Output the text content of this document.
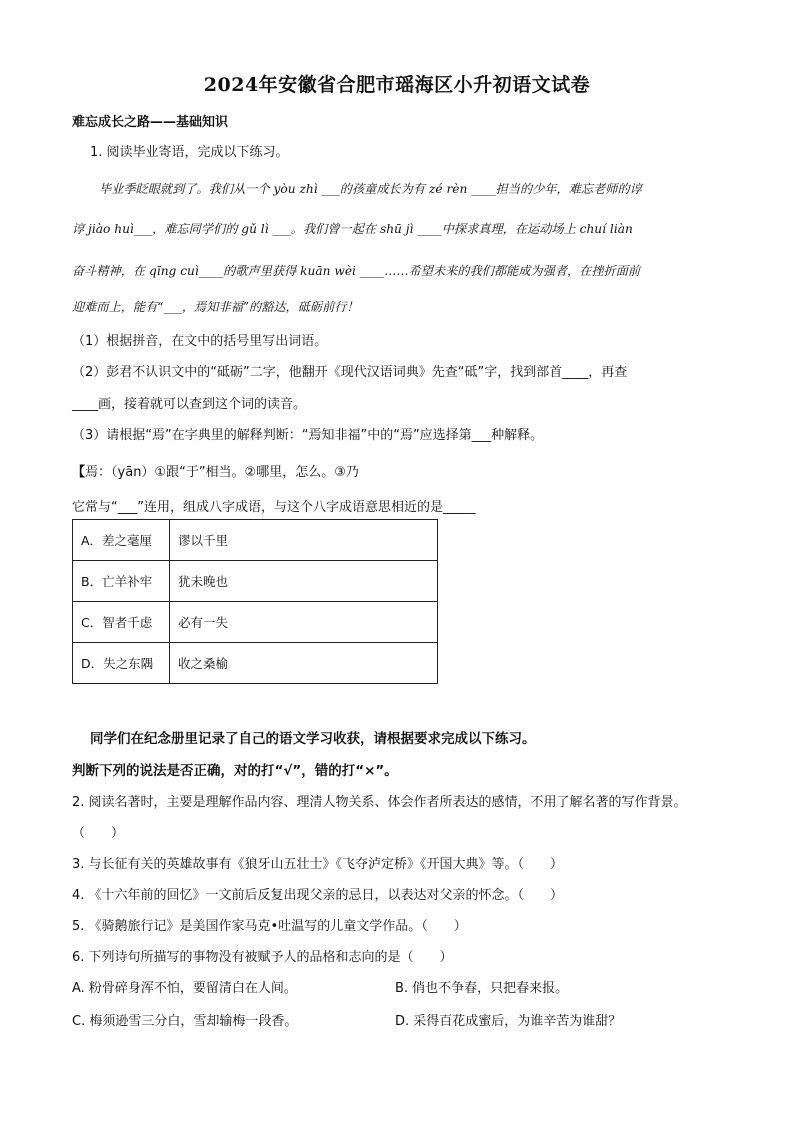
2024年安徽省合肥市瑶海区小升初语文试卷
难忘成长之路——基础知识
1. 阅读毕业寄语，完成以下练习。
毕业季眨眼就到了。我们从一个 yòu zhì ___的孩童成长为有 zé rèn ____担当的少年，难忘老师的谆
谆 jiào huì___，难忘同学们的 gǔ lì ___。我们曾一起在 shū jì ____中探求真理，在运动场上 chuí liàn
奋斗精神，在 qīng cuì____的歌声里获得 kuān wèi ____……希望未来的我们都能成为强者，在挫折面前
迎难而上，能有“___，焉知非福”的豁达，砥砺前行！
（1）根据拼音，在文中的括号里写出词语。
（2）彭君不认识文中的“砥砺”二字，他翻开《现代汉语词典》先查“砥”字，找到部首____，再查
____画，接着就可以查到这个词的读音。
（3）请根据“焉”在字典里的解释判断：“焉知非福”中的“焉”应选择第___种解释。
【焉：（yān）①跟“于”相当。②哪里，怎么。③乃
它常与“___”连用，组成八字成语，与这个八字成语意思相近的是_____
A．差之毫厘	谬以千里
B．亡羊补牢	犹未晚也
C．智者千虑	必有一失
D．失之东隅	收之桑榆
同学们在纪念册里记录了自己的语文学习收获，请根据要求完成以下练习。
判断下列的说法是否正确，对的打“√”，错的打“×”。
2. 阅读名著时，主要是理解作品内容、理清人物关系、体会作者所表达的感情，不用了解名著的写作背景。
（　　）
3. 与长征有关的英雄故事有《狼牙山五壮士》《飞夺泸定桥》《开国大典》等。（　　）
4. 《十六年前的回忆》一文前后反复出现父亲的忌日，以表达对父亲的怀念。（　　）
5. 《骑鹅旅行记》是美国作家马克•吐温写的儿童文学作品。（　　）
6. 下列诗句所描写的事物没有被赋予人的品格和志向的是（　　）
A. 粉骨碎身浑不怕，要留清白在人间。	B. 俏也不争春，只把春来报。
C. 梅须逊雪三分白，雪却输梅一段香。	D. 采得百花成蜜后，为谁辛苦为谁甜？
